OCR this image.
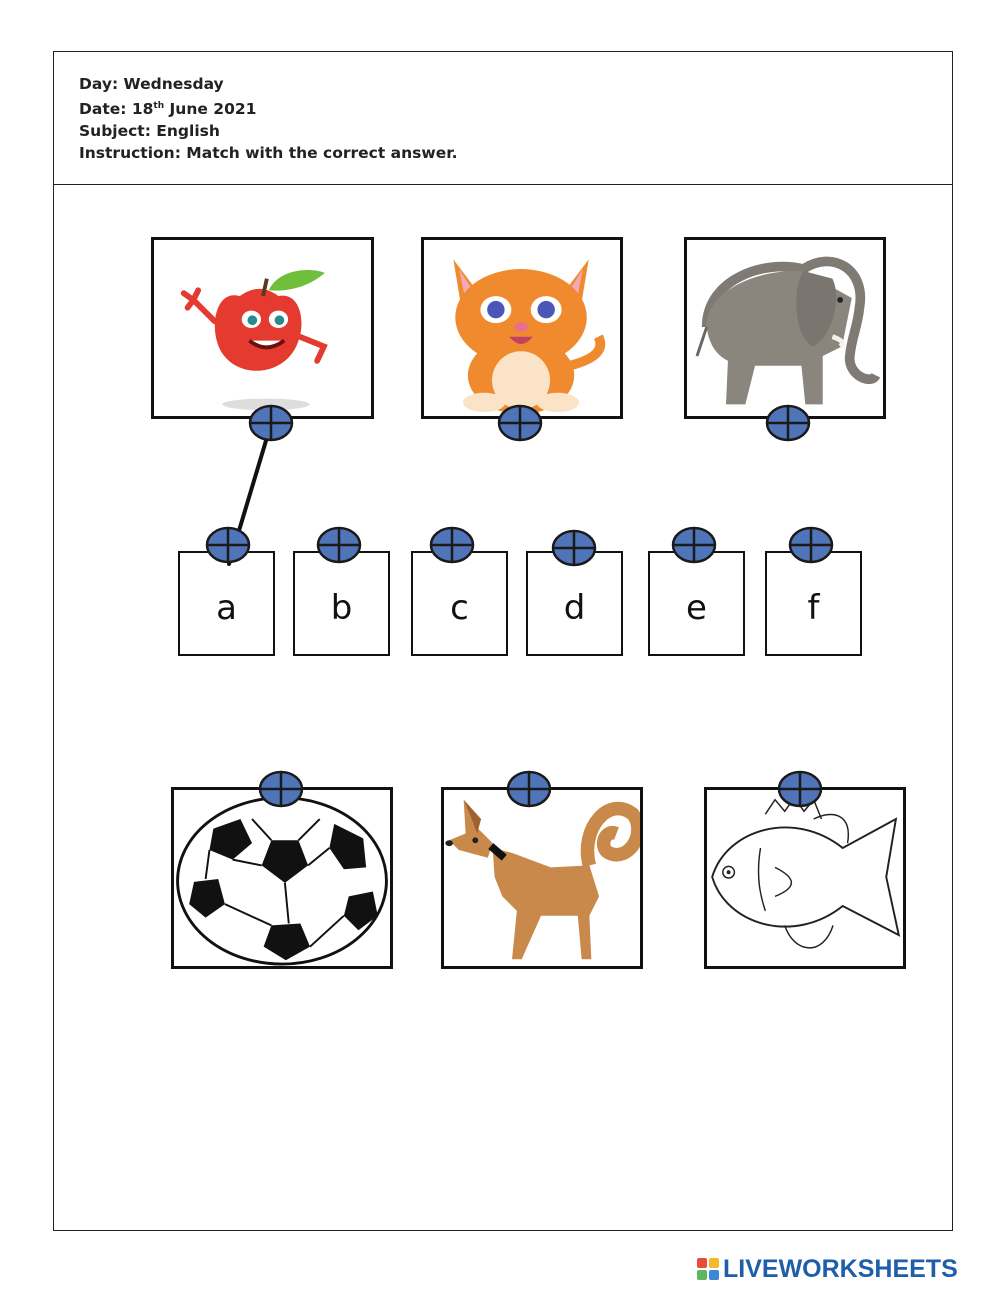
Day: Wednesday
Date: 18th June 2021
Subject: English
Instruction: Match with the correct answer.
a	b	c	d	e	f
LIVEWORKSHEETS
